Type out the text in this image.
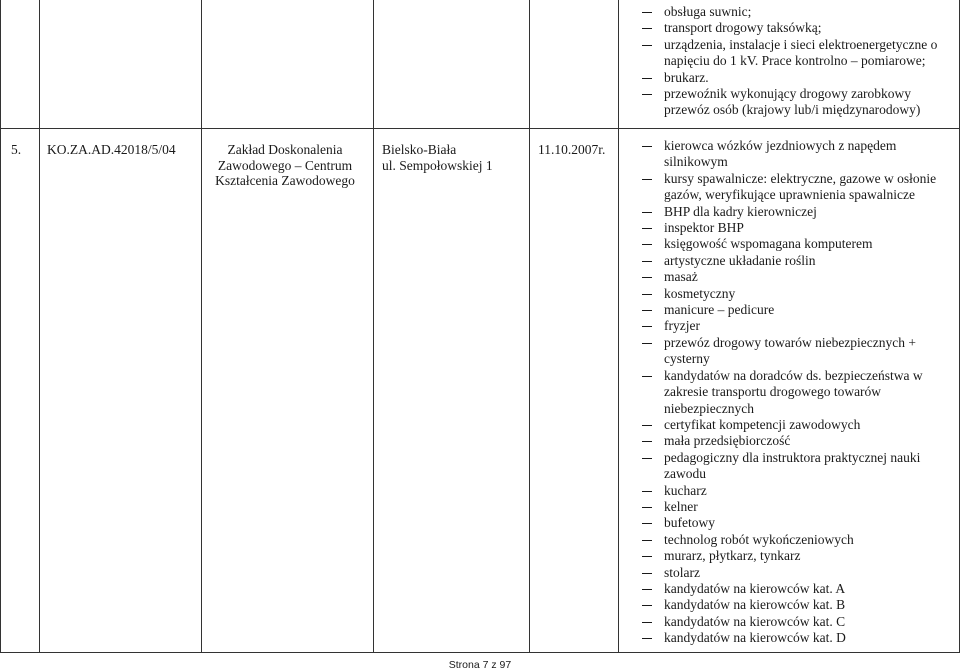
obsługa suwnic;
transport drogowy taksówką;
urządzenia, instalacje i sieci elektroenergetyczne o napięciu do 1 kV. Prace kontrolno – pomiarowe;
brukarz.
przewoźnik wykonujący drogowy zarobkowy przewóz osób (krajowy lub/i międzynarodowy)
5. KO.ZA.AD.42018/5/04	Zakład Doskonalenia Zawodowego – Centrum Kształcenia Zawodowego
Bielsko-Biała
ul. Sempołowskiej 1
11.10.2007r.	kierowca wózków jezdniowych z napędem silnikowym
kursy spawalnicze: elektryczne, gazowe w osłonie gazów, weryfikujące uprawnienia spawalnicze
BHP dla kadry kierowniczej
inspektor BHP
księgowość wspomagana komputerem
artystyczne układanie roślin
masaż
kosmetyczny
manicure – pedicure
fryzjer
przewóz drogowy towarów niebezpiecznych + cysterny
kandydatów na doradców ds. bezpieczeństwa w zakresie transportu drogowego towarów niebezpiecznych
certyfikat kompetencji zawodowych
mała przedsiębiorczość
pedagogiczny dla instruktora praktycznej nauki zawodu
kucharz
kelner
bufetowy
technolog robót wykończeniowych
murarz, płytkarz, tynkarz
stolarz
kandydatów na kierowców kat. A
kandydatów na kierowców kat. B
kandydatów na kierowców kat. C
kandydatów na kierowców kat. D
Strona 7 z 97
